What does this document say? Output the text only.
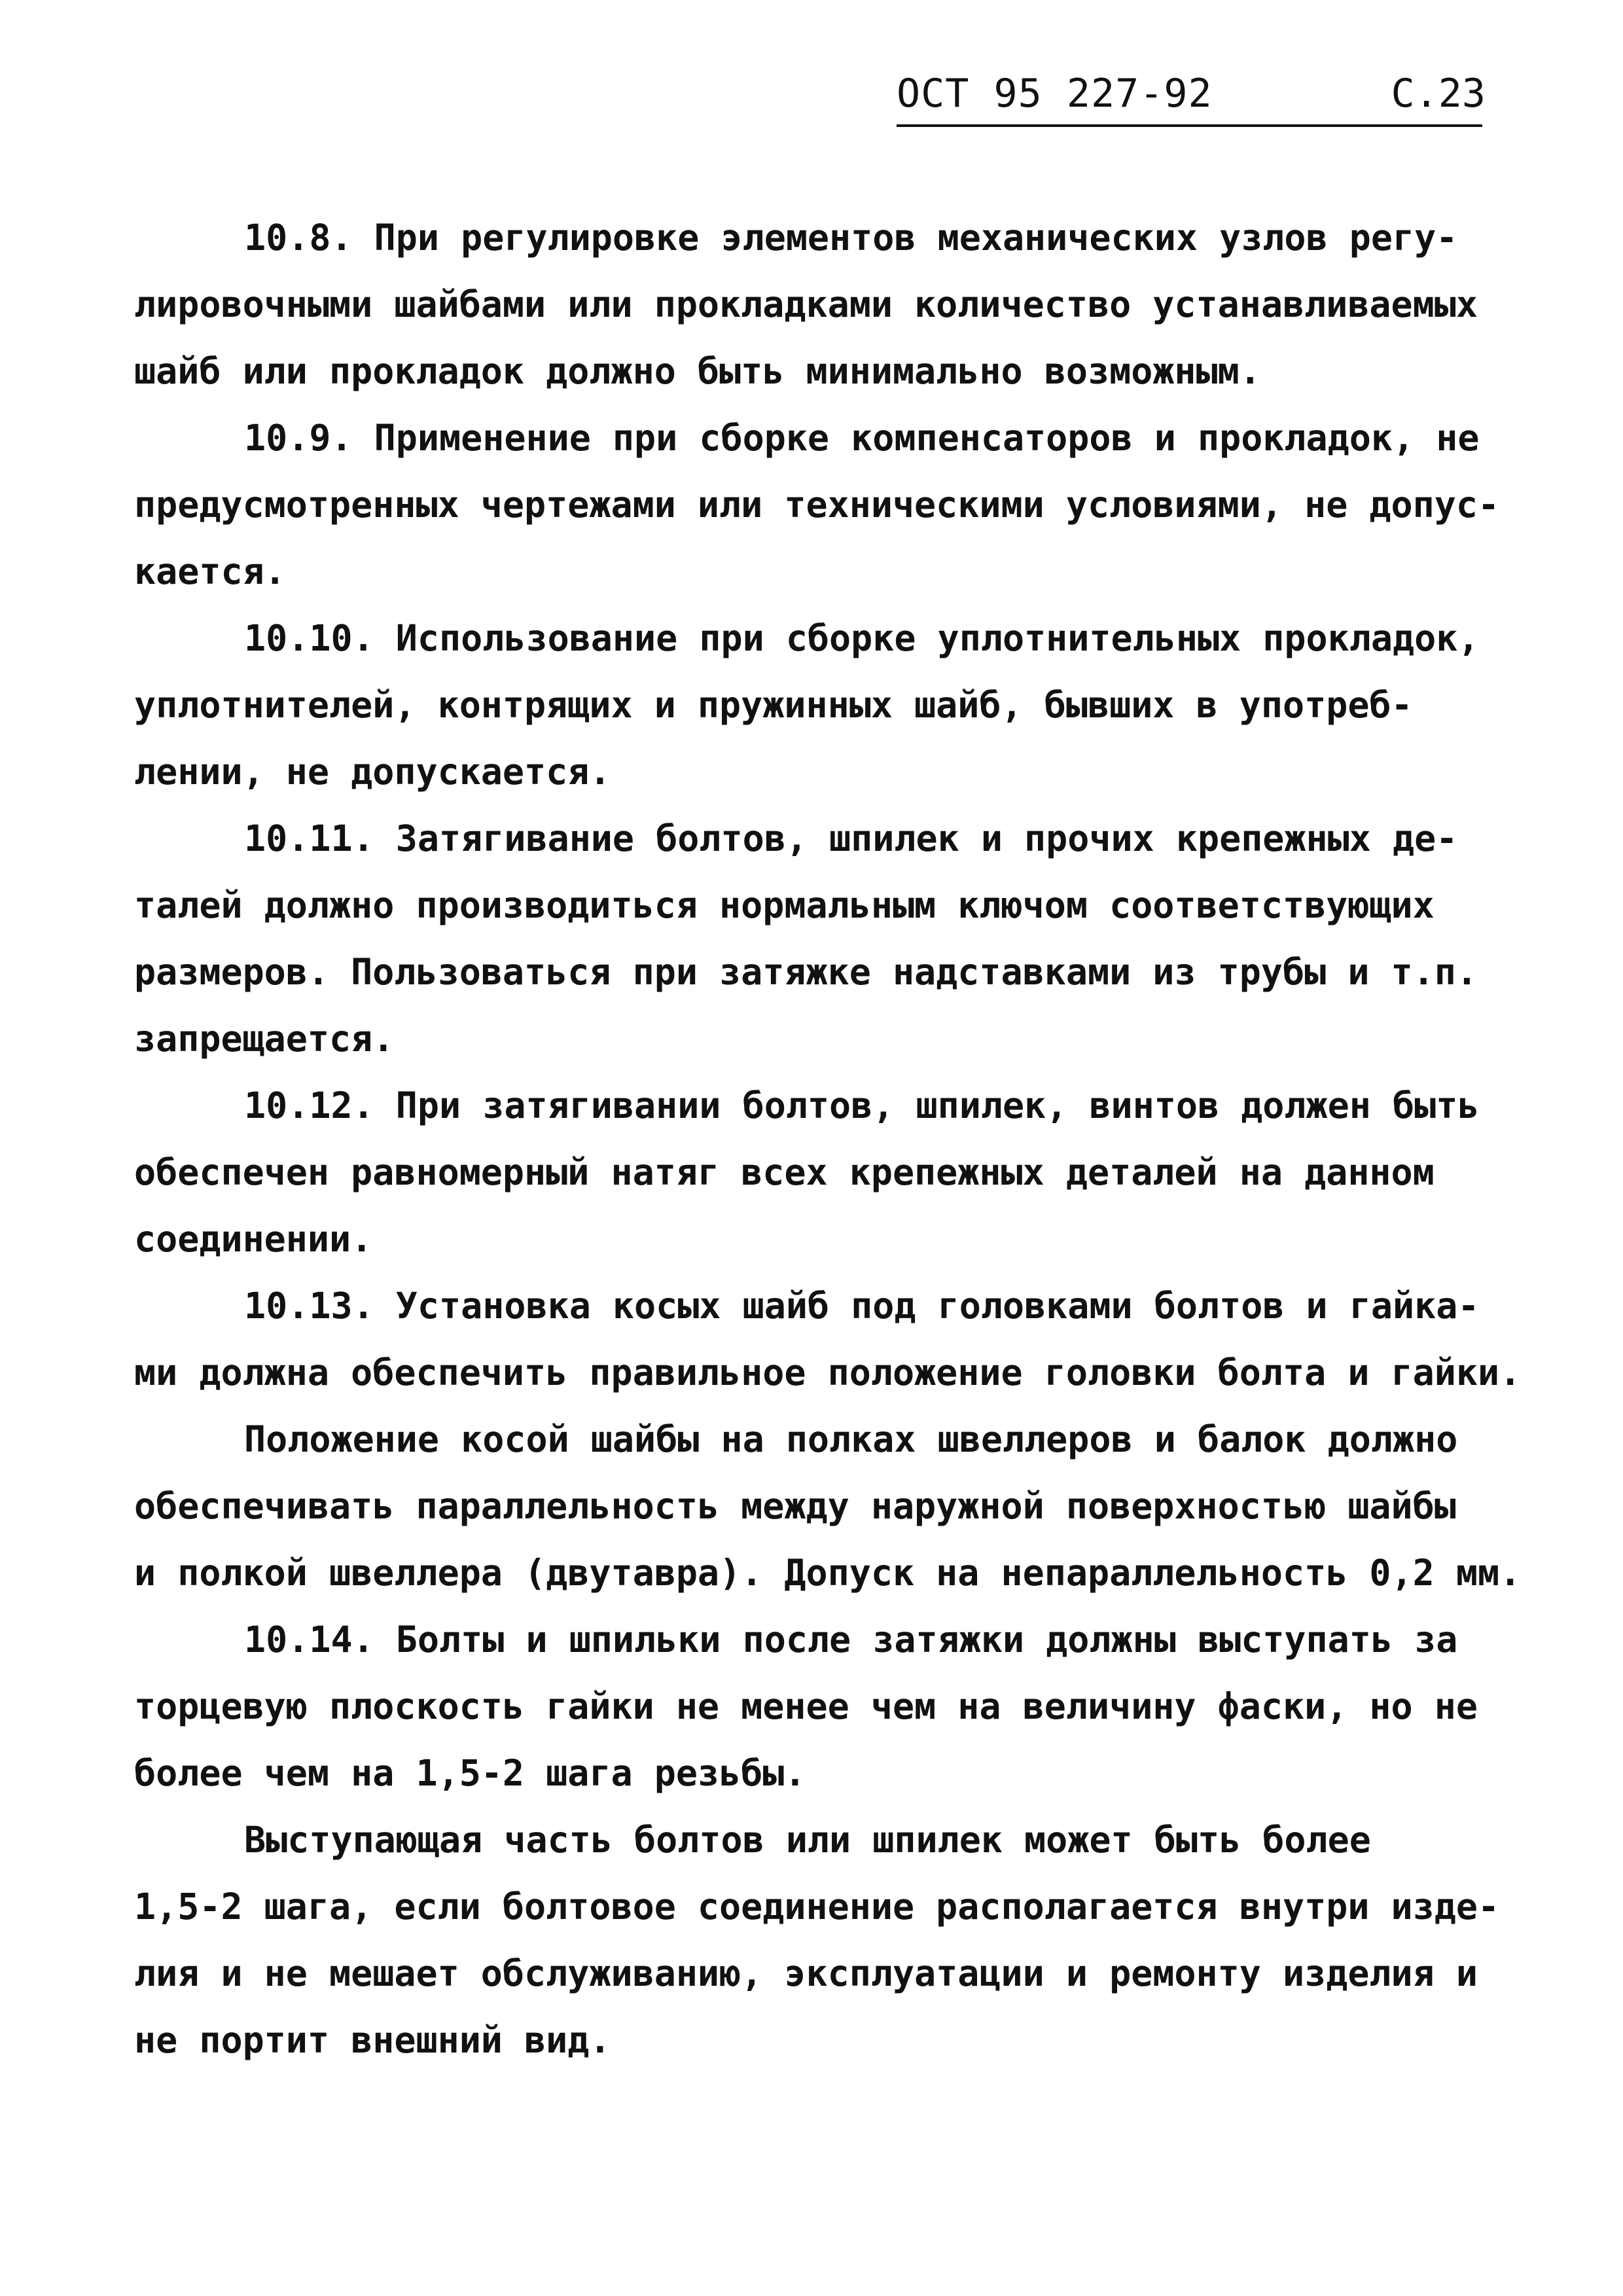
ОСТ 95 227-92	С.23
10.8. При регулировке элементов механических узлов регу-
лировочными шайбами или прокладками количество устанавливаемых
шайб или прокладок должно быть минимально возможным.
10.9. Применение при сборке компенсаторов и прокладок, не
предусмотренных чертежами или техническими условиями, не допус-
кается.
10.10. Использование при сборке уплотнительных прокладок,
уплотнителей, контрящих и пружинных шайб, бывших в употреб-
лении, не допускается.
10.11. Затягивание болтов, шпилек и прочих крепежных де-
талей должно производиться нормальным ключом соответствующих
размеров. Пользоваться при затяжке надставками из трубы и т.п.
запрещается.
10.12. При затягивании болтов, шпилек, винтов должен быть
обеспечен равномерный натяг всех крепежных деталей на данном
соединении.
10.13. Установка косых шайб под головками болтов и гайка-
ми должна обеспечить правильное положение головки болта и гайки.
Положение косой шайбы на полках швеллеров и балок должно
обеспечивать параллельность между наружной поверхностью шайбы
и полкой швеллера (двутавра). Допуск на непараллельность 0,2 мм.
10.14. Болты и шпильки после затяжки должны выступать за
торцевую плоскость гайки не менее чем на величину фаски, но не
более чем на 1,5-2 шага резьбы.
Выступающая часть болтов или шпилек может быть более
1,5-2 шага, если болтовое соединение располагается внутри изде-
лия и не мешает обслуживанию, эксплуатации и ремонту изделия и
не портит внешний вид.
